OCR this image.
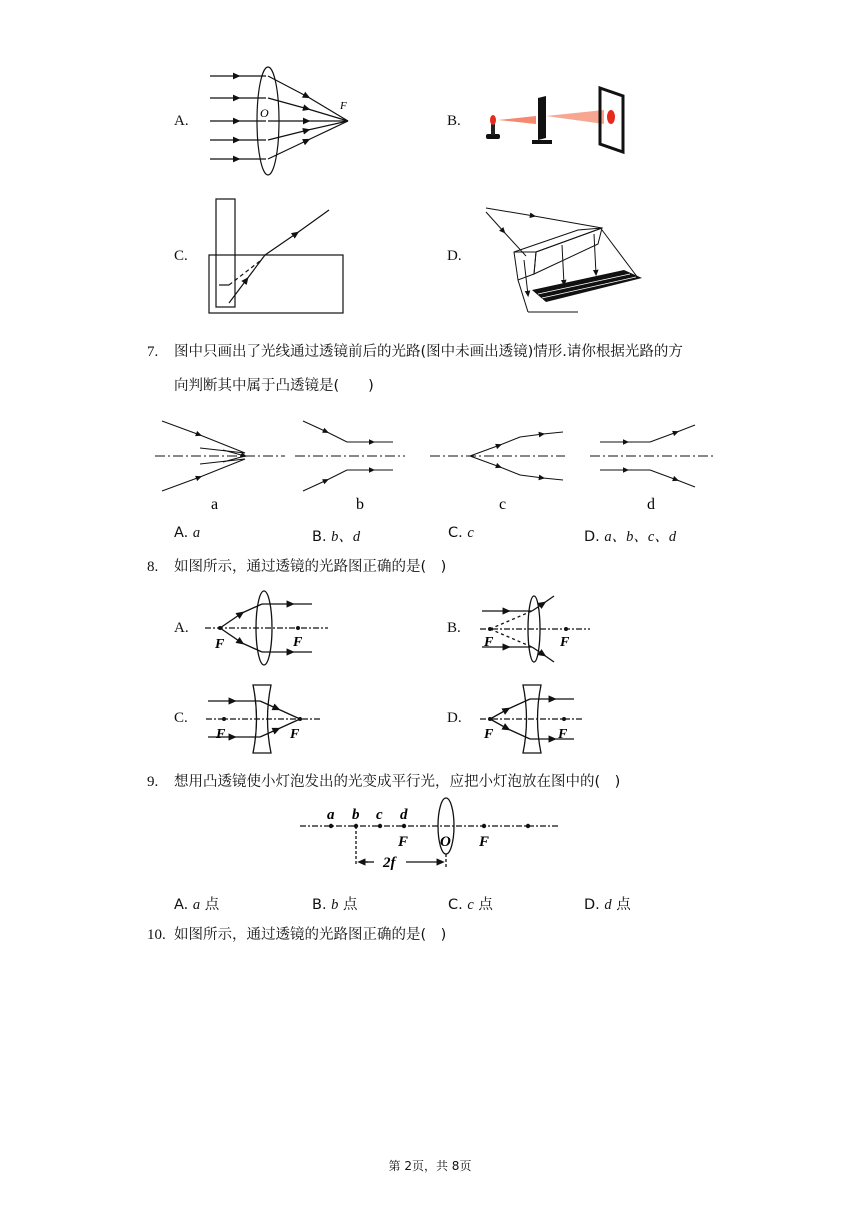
A.	O	F
B.
C.	D.
7. 图中只画出了光线通过透镜前后的光路(图中未画出透镜)情形.请你根据光路的方
向判断其中属于凸透镜是(　　)
a	b	c	d
A. a	B. b、d	C. c	D. a、b、c、d
8. 如图所示，通过透镜的光路图正确的是(　)
A.
F	F
B.
F	F
C.
F	F
D.
F	F
9. 想用凸透镜使小灯泡发出的光变成平行光，应把小灯泡放在图中的(　)
a b c d
F	F
O
2f
A. a 点	B. b 点	C. c 点	D. d 点
10. 如图所示，通过透镜的光路图正确的是(　)
第 2页，共 8页
